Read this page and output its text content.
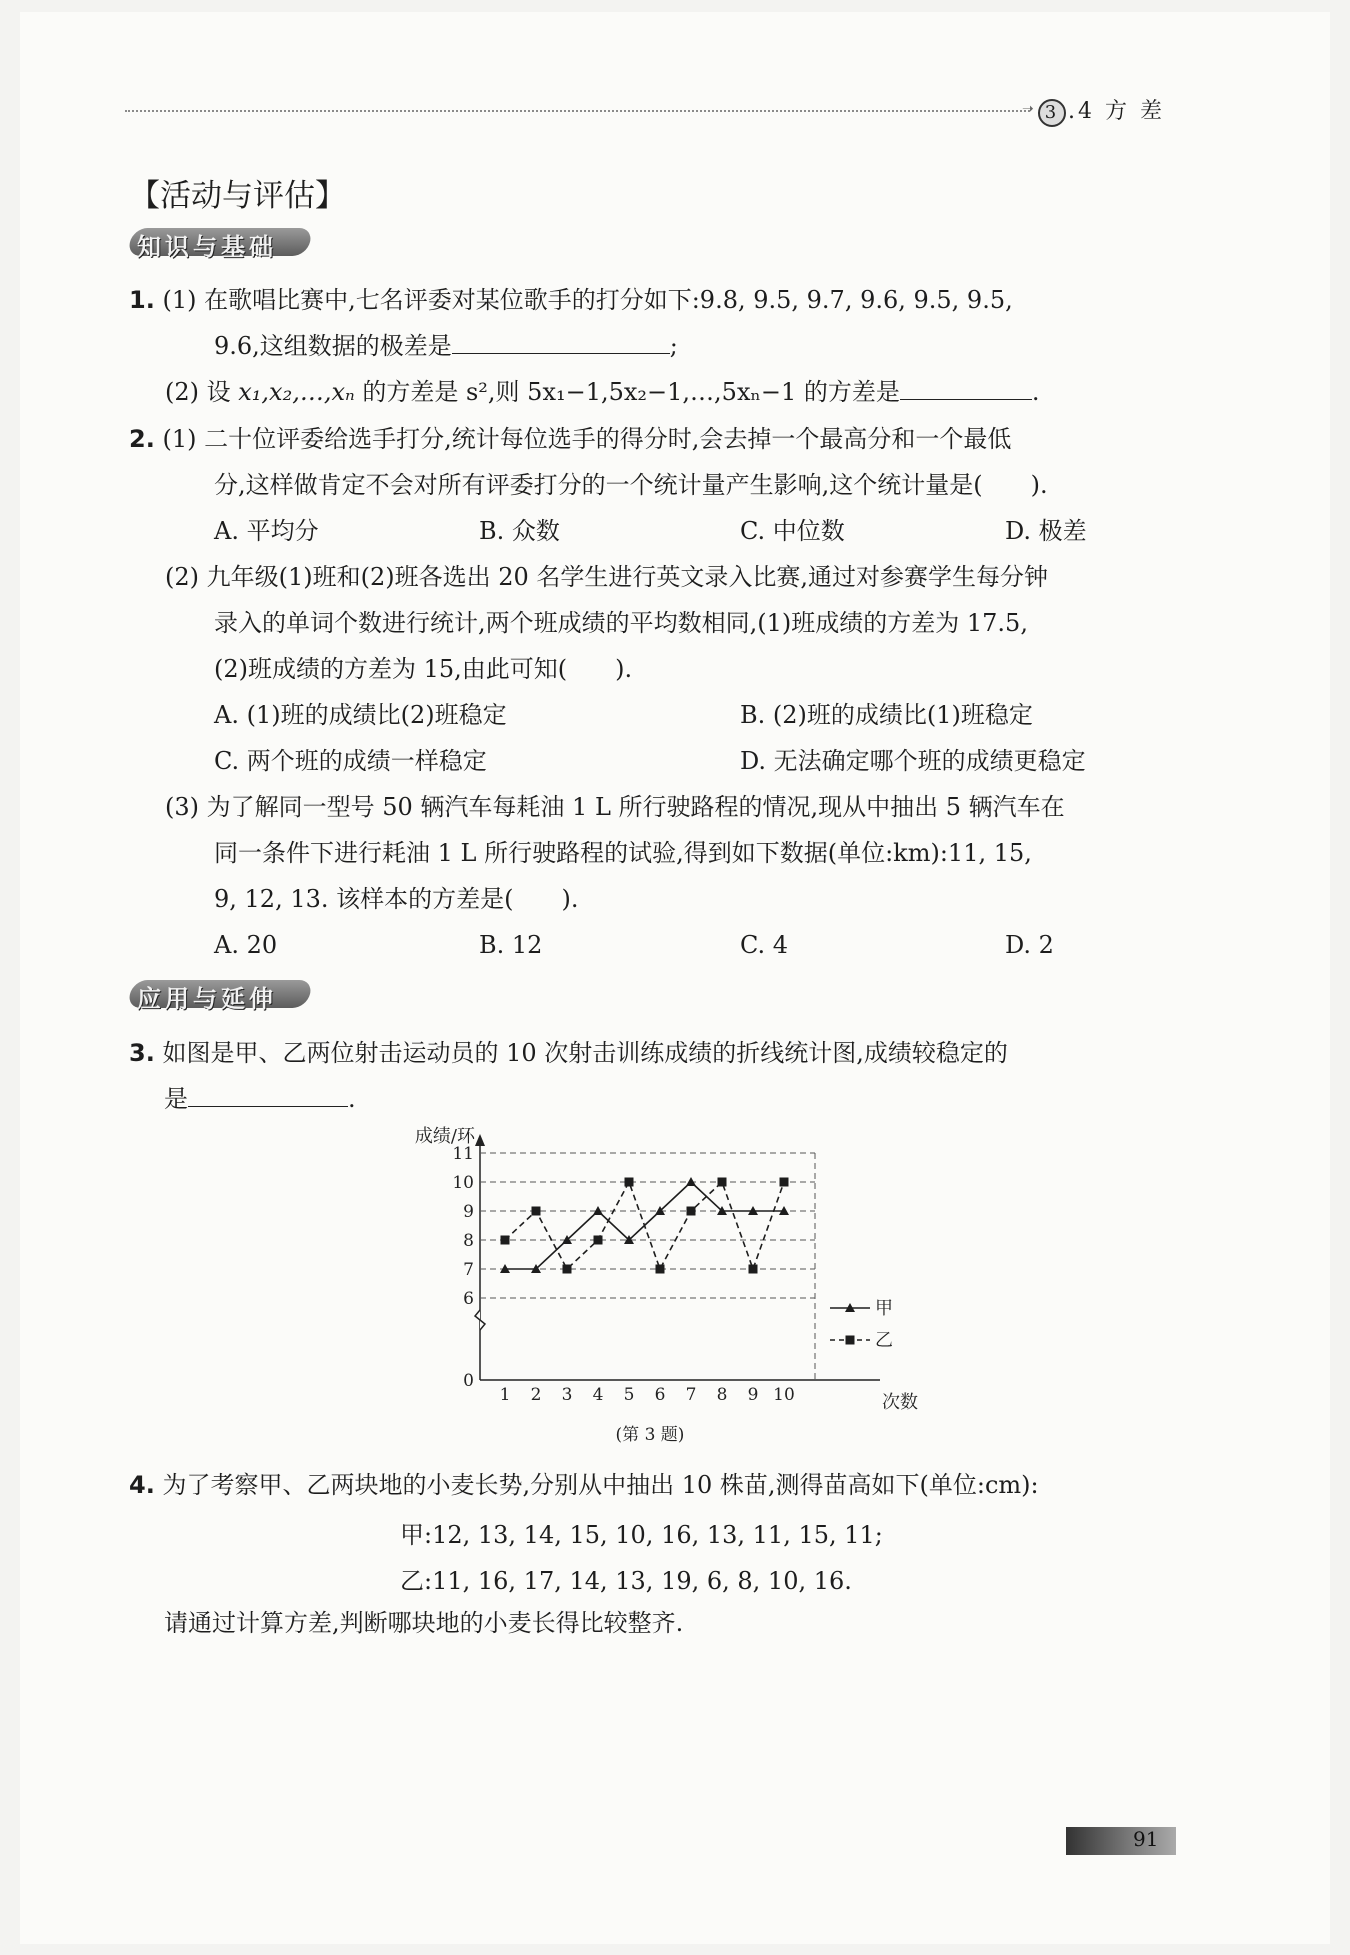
➝ 3 .4 方 差
【活动与评估】
知识与基础
1. (1) 在歌唱比赛中,七名评委对某位歌手的打分如下:9.8, 9.5, 9.7, 9.6, 9.5, 9.5,
9.6,这组数据的极差是	;
(2) 设 x₁,x₂,…,xₙ 的方差是 s²,则 5x₁−1,5x₂−1,…,5xₙ−1 的方差是	.
2. (1) 二十位评委给选手打分,统计每位选手的得分时,会去掉一个最高分和一个最低
分,这样做肯定不会对所有评委打分的一个统计量产生影响,这个统计量是(　　).
A. 平均分	B. 众数	C. 中位数	D. 极差
(2) 九年级(1)班和(2)班各选出 20 名学生进行英文录入比赛,通过对参赛学生每分钟
录入的单词个数进行统计,两个班成绩的平均数相同,(1)班成绩的方差为 17.5,
(2)班成绩的方差为 15,由此可知(　　).
A. (1)班的成绩比(2)班稳定	B. (2)班的成绩比(1)班稳定
C. 两个班的成绩一样稳定	D. 无法确定哪个班的成绩更稳定
(3) 为了解同一型号 50 辆汽车每耗油 1 L 所行驶路程的情况,现从中抽出 5 辆汽车在
同一条件下进行耗油 1 L 所行驶路程的试验,得到如下数据(单位:km):11, 15,
9, 12, 13. 该样本的方差是(　　).
A. 20	B. 12	C. 4	D. 2
应用与延伸
3. 如图是甲、乙两位射击运动员的 10 次射击训练成绩的折线统计图,成绩较稳定的
是	.
0
6
7
8
9
10
11
1 2 3 4 5 6 7 8 9 10
成绩/环
次数
甲
乙
(第 3 题)
4. 为了考察甲、乙两块地的小麦长势,分别从中抽出 10 株苗,测得苗高如下(单位:cm):
甲:12, 13, 14, 15, 10, 16, 13, 11, 15, 11;
乙:11, 16, 17, 14, 13, 19, 6, 8, 10, 16.
请通过计算方差,判断哪块地的小麦长得比较整齐.
91
